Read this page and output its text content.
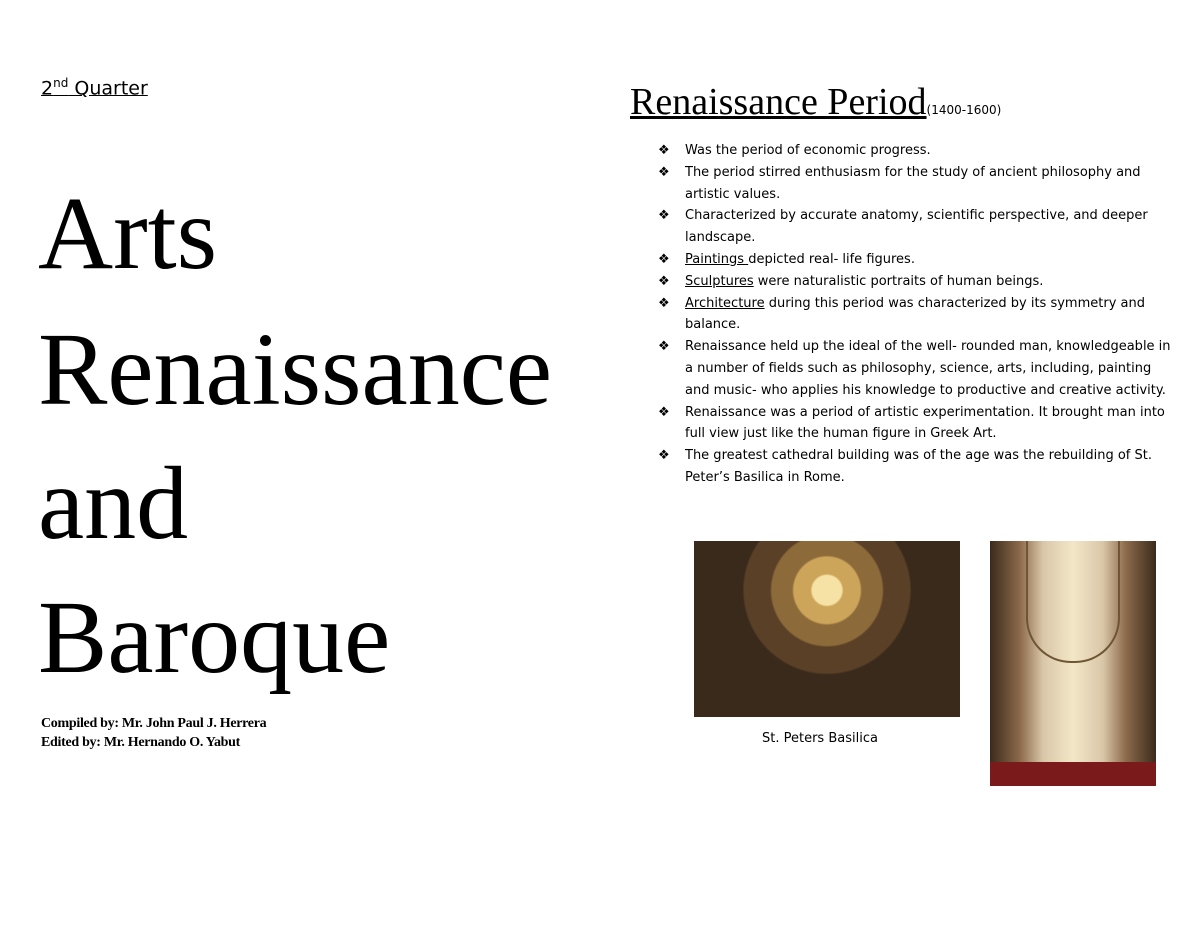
2nd Quarter
Arts
Renaissance
and
Baroque
Compiled by: Mr. John Paul J. Herrera
Edited by: Mr. Hernando O. Yabut
Renaissance Period(1400-1600)
❖ Was the period of economic progress.
❖ The period stirred enthusiasm for the study of ancient philosophy and artistic values.
❖ Characterized by accurate anatomy, scientific perspective, and deeper landscape.
❖ Paintings depicted real- life figures.
❖ Sculptures were naturalistic portraits of human beings.
❖ Architecture during this period was characterized by its symmetry and balance.
❖ Renaissance held up the ideal of the well- rounded man, knowledgeable in a number of fields such as philosophy, science, arts, including, painting and music- who applies his knowledge to productive and creative activity.
❖ Renaissance was a period of artistic experimentation. It brought man into full view just like the human figure in Greek Art.
❖ The greatest cathedral building was of the age was the rebuilding of St. Peter’s Basilica in Rome.
St. Peters Basilica
